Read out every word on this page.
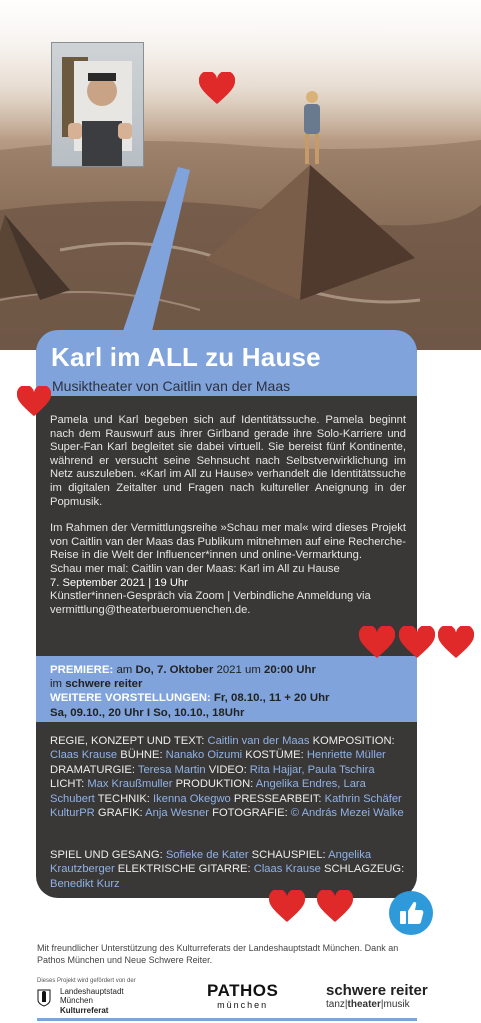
Karl im ALL zu Hause
Musiktheater von Caitlin van der Maas

Pamela und Karl begeben sich auf Identitätssuche. Pamela beginnt nach dem Rauswurf aus ihrer Girlband gerade ihre Solo-Karriere und Super-Fan Karl begleitet sie dabei virtuell. Sie bereist fünf Kontinente, während er versucht seine Sehnsucht nach Selbstverwirklichung im Netz auszuleben. «Karl im All zu Hause» verhandelt die Identitätssuche im digitalen Zeitalter und Fragen nach kultureller Aneignung in der Popmusik.

Im Rahmen der Vermittlungsreihe »Schau mer mal« wird dieses Projekt von Caitlin van der Maas das Publikum mitnehmen auf eine Recherche-Reise in die Welt der Influencer*innen und online-Vermarktung.

Schau mer mal: Caitlin van der Maas: Karl im All zu Hause
7. September 2021 | 19 Uhr
Künstler*innen-Gespräch via Zoom | Verbindliche Anmeldung via vermittlung@theaterbueromuenchen.de.
PREMIERE: am Do, 7. Oktober 2021 um 20:00 Uhr
im schwere reiter
WEITERE VORSTELLUNGEN: Fr, 08.10., 11 + 20 Uhr
Sa, 09.10., 20 Uhr I So, 10.10., 18Uhr
REGIE, KONZEPT UND TEXT: Caitlin van der Maas KOMPOSITION: Claas Krause BÜHNE: Nanako Oizumi KOSTÜME: Henriette Müller DRAMATURGIE: Teresa Martin VIDEO: Rita Hajjar, Paula Tschira LICHT: Max Kraußmuller PRODUKTION: Angelika Endres, Lara Schubert TECHNIK: Ikenna Okegwo PRESSEARBEIT: Kathrin Schäfer KulturPR GRAFIK: Anja Wesner FOTOGRAFIE: © András Mezei Walke
SPIEL UND GESANG: Sofieke de Kater SCHAUSPIEL: Angelika Krautzberger ELEKTRISCHE GITARRE: Claas Krause SCHLAGZEUG: Benedikt Kurz
Mit freundlicher Unterstützung des Kulturreferats der Landeshauptstadt München. Dank an Pathos München und Neue Schwere Reiter.
Dieses Projekt wird gefördert von der
Landeshauptstadt
München
Kulturreferat
PATHOS
münchen
schwere reiter
tanz|theater|musik
